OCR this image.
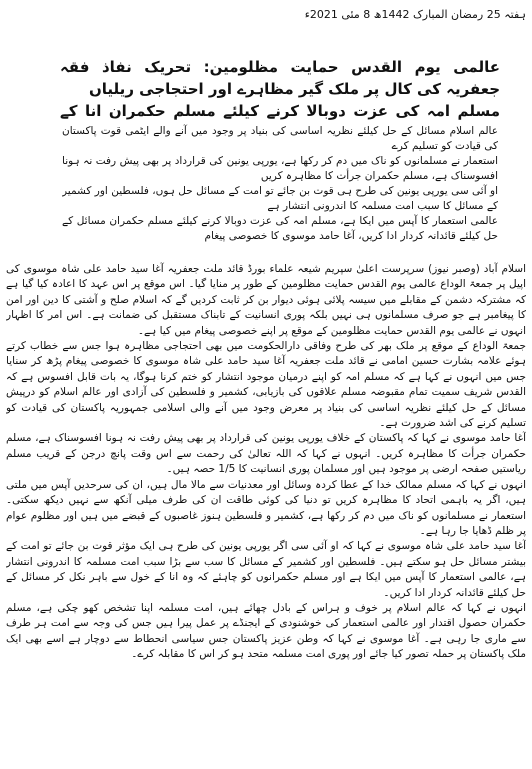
ہفتہ 25 رمضان المبارک 1442ھ 8 مئی 2021ء

عالمی یوم القدس حمایت مظلومین: تحریک نفاذ فقہ جعفریہ کی کال پر ملک گیر مظاہرے اور احتجاجی ریلیاں

مسلم امہ کی عزت دوبالا کرنے کیلئے مسلم حکمران انا کے

عالم اسلام مسائل کے حل کیلئے نظریہ اساسی کی بنیاد پر وجود میں آنے والے ایٹمی قوت پاکستان کی قیادت کو تسلیم کرے

استعمار نے مسلمانوں کو ناک میں دم کر رکھا ہے، یورپی یونین کی قرارداد پر بھی پیش رفت نہ ہونا افسوسناک ہے، مسلم حکمران جرأت کا مظاہرہ کریں

او آئی سی یورپی یونین کی طرح ہی قوت بن جائے تو امت کے مسائل حل ہوں، فلسطین اور کشمیر کے مسائل کا سبب امت مسلمہ کا اندرونی انتشار ہے

عالمی استعمار کا آپس میں ایکا ہے، مسلم امہ کی عزت دوبالا کرنے کیلئے مسلم حکمران مسائل کے حل کیلئے قائدانہ کردار ادا کریں، آغا حامد موسوی کا خصوصی پیغام

اسلام آباد (وصبر نیوز) سرپرست اعلیٰ سپریم شیعہ علماء بورڈ قائد ملت جعفریہ آغا سید حامد علی شاہ موسوی کی اپیل پر جمعۃ الوداع عالمی یوم القدس حمایت مظلومین کے طور پر منایا گیا۔ اس موقع پر اس عہد کا اعادہ کیا گیا ہے کہ مشترکہ دشمن کے مقابلے میں سیسہ پلائی ہوئی دیوار بن کر ثابت کردیں گے کہ اسلام صلح و آشتی کا دین اور امن کا پیغامبر ہے جو صرف مسلمانوں ہی نہیں بلکہ پوری انسانیت کے تابناک مستقبل کی ضمانت ہے۔ اس امر کا اظہار انہوں نے عالمی یوم القدس حمایت مظلومین کے موقع پر اپنے خصوصی پیغام میں کیا ہے۔

جمعۃ الوداع کے موقع پر ملک بھر کی طرح وفاقی دارالحکومت میں بھی احتجاجی مظاہرہ ہوا جس سے خطاب کرتے ہوئے علامہ بشارت حسین امامی نے قائد ملت جعفریہ آغا سید حامد علی شاہ موسوی کا خصوصی پیغام پڑھ کر سنایا جس میں انہوں نے کہا ہے کہ مسلم امہ کو اپنے درمیان موجود انتشار کو ختم کرنا ہوگا، یہ بات قابل افسوس ہے کہ القدس شریف سمیت تمام مقبوضہ مسلم علاقوں کی بازیابی، کشمیر و فلسطین کی آزادی اور عالم اسلام کو درپیش مسائل کے حل کیلئے نظریہ اساسی کی بنیاد پر معرض وجود میں آنے والی اسلامی جمہوریہ پاکستان کی قیادت کو تسلیم کرنے کی اشد ضرورت ہے۔

آغا حامد موسوی نے کہا کہ پاکستان کے خلاف یورپی یونین کی قرارداد پر بھی پیش رفت نہ ہونا افسوسناک ہے، مسلم حکمران جرأت کا مظاہرہ کریں۔ انہوں نے کہا کہ اللہ تعالیٰ کی رحمت سے اس وقت پانچ درجن کے قریب مسلم ریاستیں صفحہ ارضی پر موجود ہیں اور مسلمان پوری انسانیت کا 1/5 حصہ ہیں۔

انہوں نے کہا کہ مسلم ممالک خدا کے عطا کردہ وسائل اور معدنیات سے مالا مال ہیں، ان کی سرحدیں آپس میں ملتی ہیں، اگر یہ باہمی اتحاد کا مظاہرہ کریں تو دنیا کی کوئی طاقت ان کی طرف میلی آنکھ سے نہیں دیکھ سکتی۔ استعمار نے مسلمانوں کو ناک میں دم کر رکھا ہے، کشمیر و فلسطین ہنوز غاصبوں کے قبضے میں ہیں اور مظلوم عوام پر ظلم ڈھایا جا رہا ہے۔

آغا سید حامد علی شاہ موسوی نے کہا کہ او آئی سی اگر یورپی یونین کی طرح ہی ایک مؤثر قوت بن جائے تو امت کے بیشتر مسائل حل ہو سکتے ہیں۔ فلسطین اور کشمیر کے مسائل کا سب سے بڑا سبب امت مسلمہ کا اندرونی انتشار ہے، عالمی استعمار کا آپس میں ایکا ہے اور مسلم حکمرانوں کو چاہئے کہ وہ انا کے خول سے باہر نکل کر مسائل کے حل کیلئے قائدانہ کردار ادا کریں۔

انہوں نے کہا کہ عالم اسلام پر خوف و ہراس کے بادل چھائے ہیں، امت مسلمہ اپنا تشخص کھو چکی ہے، مسلم حکمران حصول اقتدار اور عالمی استعمار کی خوشنودی کے ایجنڈے پر عمل پیرا ہیں جس کی وجہ سے امت ہر طرف سے ماری جا رہی ہے۔ آغا موسوی نے کہا کہ وطن عزیز پاکستان جس سیاسی انحطاط سے دوچار ہے اسے بھی ایک ملک پاکستان پر حملہ تصور کیا جائے اور پوری امت مسلمہ متحد ہو کر اس کا مقابلہ کرے۔
